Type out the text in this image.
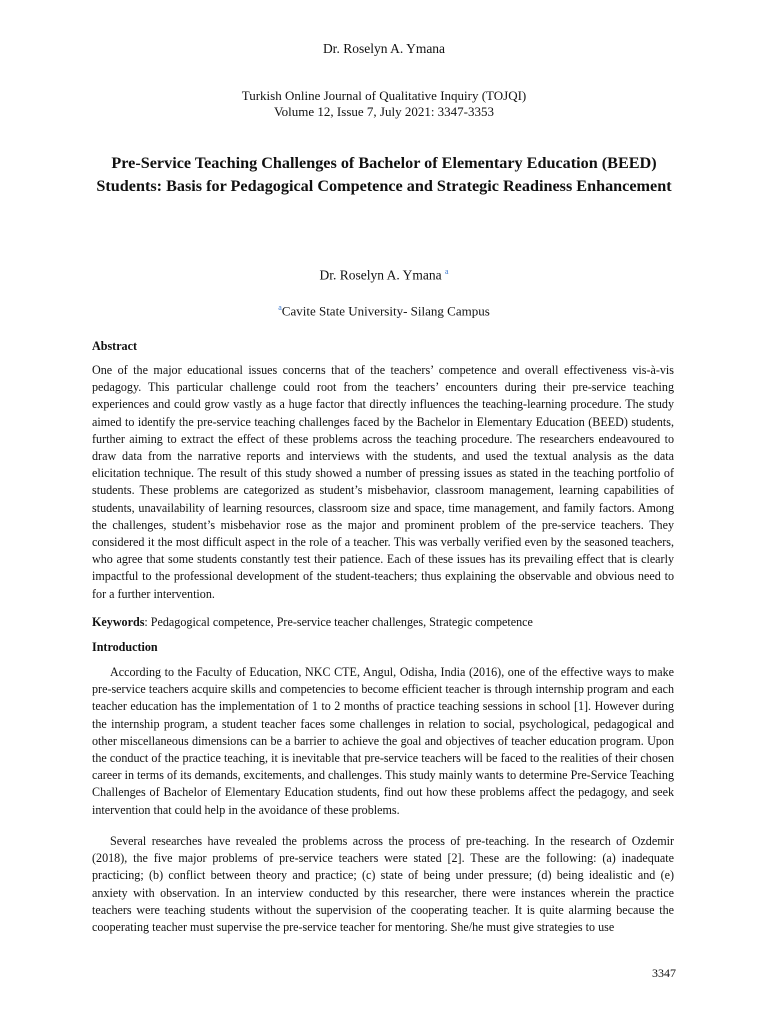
Dr. Roselyn A. Ymana
Turkish Online Journal of Qualitative Inquiry (TOJQI)
Volume 12, Issue 7, July 2021: 3347-3353
Pre-Service Teaching Challenges of Bachelor of Elementary Education (BEED) Students: Basis for Pedagogical Competence and Strategic Readiness Enhancement
Dr. Roselyn A. Ymana $^a$
$^a$Cavite State University- Silang Campus
Abstract
One of the major educational issues concerns that of the teachers’ competence and overall effectiveness vis-à-vis pedagogy. This particular challenge could root from the teachers’ encounters during their pre-service teaching experiences and could grow vastly as a huge factor that directly influences the teaching-learning procedure. The study aimed to identify the pre-service teaching challenges faced by the Bachelor in Elementary Education (BEED) students, further aiming to extract the effect of these problems across the teaching procedure. The researchers endeavoured to draw data from the narrative reports and interviews with the students, and used the textual analysis as the data elicitation technique. The result of this study showed a number of pressing issues as stated in the teaching portfolio of students. These problems are categorized as student’s misbehavior, classroom management, learning capabilities of students, unavailability of learning resources, classroom size and space, time management, and family factors. Among the challenges, student’s misbehavior rose as the major and prominent problem of the pre-service teachers. They considered it the most difficult aspect in the role of a teacher. This was verbally verified even by the seasoned teachers, who agree that some students constantly test their patience. Each of these issues has its prevailing effect that is clearly impactful to the professional development of the student-teachers; thus explaining the observable and obvious need to for a further intervention.
Keywords: Pedagogical competence, Pre-service teacher challenges, Strategic competence
Introduction
According to the Faculty of Education, NKC CTE, Angul, Odisha, India (2016), one of the effective ways to make pre-service teachers acquire skills and competencies to become efficient teacher is through internship program and each teacher education has the implementation of 1 to 2 months of practice teaching sessions in school [1]. However during the internship program, a student teacher faces some challenges in relation to social, psychological, pedagogical and other miscellaneous dimensions can be a barrier to achieve the goal and objectives of teacher education program. Upon the conduct of the practice teaching, it is inevitable that pre-service teachers will be faced to the realities of their chosen career in terms of its demands, excitements, and challenges. This study mainly wants to determine Pre-Service Teaching Challenges of Bachelor of Elementary Education students, find out how these problems affect the pedagogy, and seek intervention that could help in the avoidance of these problems.
Several researches have revealed the problems across the process of pre-teaching. In the research of Ozdemir (2018), the five major problems of pre-service teachers were stated [2]. These are the following: (a) inadequate practicing; (b) conflict between theory and practice; (c) state of being under pressure; (d) being idealistic and (e) anxiety with observation. In an interview conducted by this researcher, there were instances wherein the practice teachers were teaching students without the supervision of the cooperating teacher. It is quite alarming because the cooperating teacher must supervise the pre-service teacher for mentoring. She/he must give strategies to use
3347
